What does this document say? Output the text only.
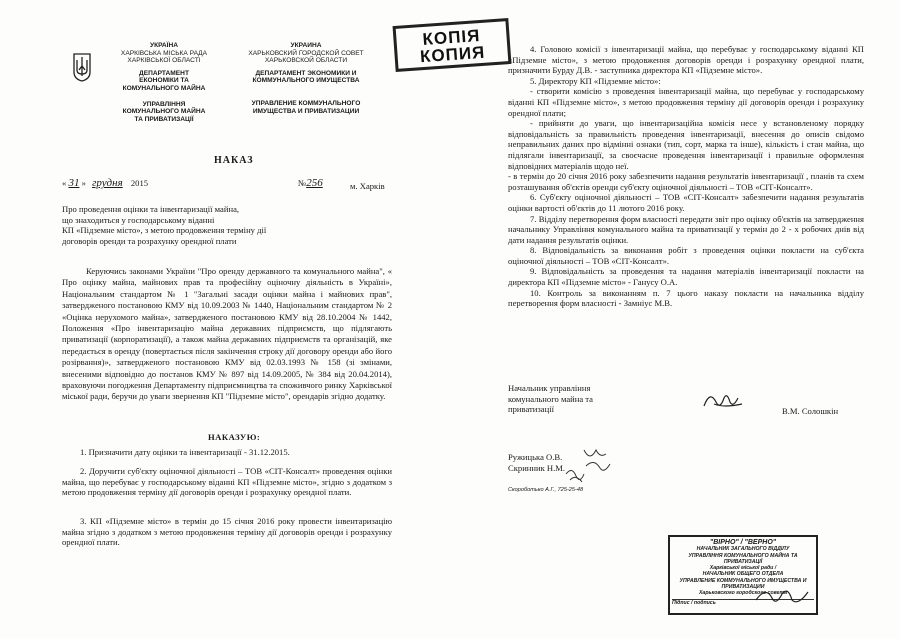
УКРАЇНА
ХАРКІВСЬКА МІСЬКА РАДА
ХАРКІВСЬКОЇ ОБЛАСТІ
ДЕПАРТАМЕНТ
ЕКОНОМІКИ ТА
КОМУНАЛЬНОГО МАЙНА
УПРАВЛІННЯ
КОМУНАЛЬНОГО МАЙНА
ТА ПРИВАТИЗАЦІЇ
УКРАИНА
ХАРЬКОВСКИЙ ГОРОДСКОЙ СОВЕТ
ХАРЬКОВСКОЙ ОБЛАСТИ
ДЕПАРТАМЕНТ ЭКОНОМИКИ И
КОММУНАЛЬНОГО ИМУЩЕСТВА
УПРАВЛЕНИЕ КОММУНАЛЬНОГО
ИМУЩЕСТВА И ПРИВАТИЗАЦИИ
КОПІЯ
КОПИЯ
НАКАЗ
« 31 » грудня 2015	№256	м. Харків
Про проведення оцінки та інвентаризації майна,
що знаходиться у господарському віданні
КП «Підземне місто», з метою продовження терміну дії
договорів оренди та розрахунку орендної плати
Керуючись законами України "Про оренду державного та комунального майна", « Про оцінку майна, майнових прав та професійну оціночну діяльність в Україні», Національним стандартом № 1 "Загальні засади оцінки майна і майнових прав", затвердженого постановою КМУ від 10.09.2003 № 1440, Національним стандартом № 2 «Оцінка нерухомого майна», затвердженого постановою КМУ від 28.10.2004 № 1442, Положення «Про інвентаризацію майна державних підприємств, що підлягають приватизації (корпоратизації), а також майна державних підприємств та організацій, яке передається в оренду (повертається після закінчення строку дії договору оренди або його розірвання)», затвердженого постановою КМУ від 02.03.1993 № 158 (зі змінами, внесеними відповідно до постанов КМУ № 897 від 14.09.2005, № 384 від 20.04.2014), враховуючи погодження Департаменту підприємництва та споживчого ринку Харківської міської ради, беручи до уваги звернення КП "Підземне місто", орендарів згідно додатку.
НАКАЗУЮ:
1. Призначити дату оцінки та інвентаризації - 31.12.2015.
2. Доручити суб'єкту оціночної діяльності – ТОВ «СІТ-Консалт» проведення оцінки майна, що перебуває у господарському віданні КП «Підземне місто», згідно з додатком з метою продовження терміну дії договорів оренди і розрахунку орендної плати.
3. КП «Підземне місто» в термін до 15 січня 2016 року провести інвентаризацію майна згідно з додатком з метою продовження терміну дії договорів оренди і розрахунку орендної плати.
4. Головою комісії з інвентаризації майна, що перебуває у господарському віданні КП «Підземне місто», з метою продовження договорів оренди і розрахунку орендної плати, призначити Бурду Д.В. - заступника директора КП «Підземне місто».
5. Директору КП «Підземне місто»:
- створити комісію з проведення інвентаризації майна, що перебуває у господарському віданні КП «Підземне місто», з метою продовження терміну дії договорів оренди і розрахунку орендної плати;
- прийняти до уваги, що інвентаризаційна комісія несе у встановленому порядку відповідальність за правильність проведення інвентаризації, внесення до описів свідомо неправильних даних про відмінні ознаки (тип, сорт, марка та інше), кількість і стан майна, що підлягали інвентаризації, за своєчасне проведення інвентаризації і правильне оформлення відповідних матеріалів щодо неї.
- в термін до 20 січня 2016 року забезпечити надання результатів інвентаризації , планів та схем розташування об'єктів оренди суб'єкту оціночної діяльності – ТОВ «СІТ-Консалт».
6. Суб'єкту оціночної діяльності – ТОВ «СІТ-Консалт» забезпечити надання результатів оцінки вартості об'єктів до 11 лютого 2016 року.
7. Відділу перетворення форм власності передати звіт про оцінку об'єктів на затвердження начальнику Управління комунального майна та приватизації у термін до 2 - х робочих днів від дати надання результатів оцінки.
8. Відповідальність за виконання робіт з проведення оцінки покласти на суб'єкта оціночної діяльності – ТОВ «СІТ-Консалт».
9. Відповідальність за проведення та надання матеріалів інвентаризації покласти на директора КП «Підземне місто» - Ганусу О.А.
10. Контроль за виконанням п. 7 цього наказу покласти на начальника відділу перетворення форм власності - Замніус М.В.
Начальник управління
комунального майна та
приватизації	В.М. Солошкін
Ружицька О.В.
Скринник Н.М.
Скороботько А.Г., 725-25-48
"ВІРНО" / "ВЕРНО"
НАЧАЛЬНИК ЗАГАЛЬНОГО ВІДДІЛУ
УПРАВЛІННЯ КОМУНАЛЬНОГО МАЙНА ТА ПРИВАТИЗАЦІЇ
Харківської міської ради /
НАЧАЛЬНИК ОБЩЕГО ОТДЕЛА
УПРАВЛЕНИЕ КОММУНАЛЬНОГО ИМУЩЕСТВА И ПРИВАТИЗАЦИИ
Харьковского городского совета
Підпис / подпись
